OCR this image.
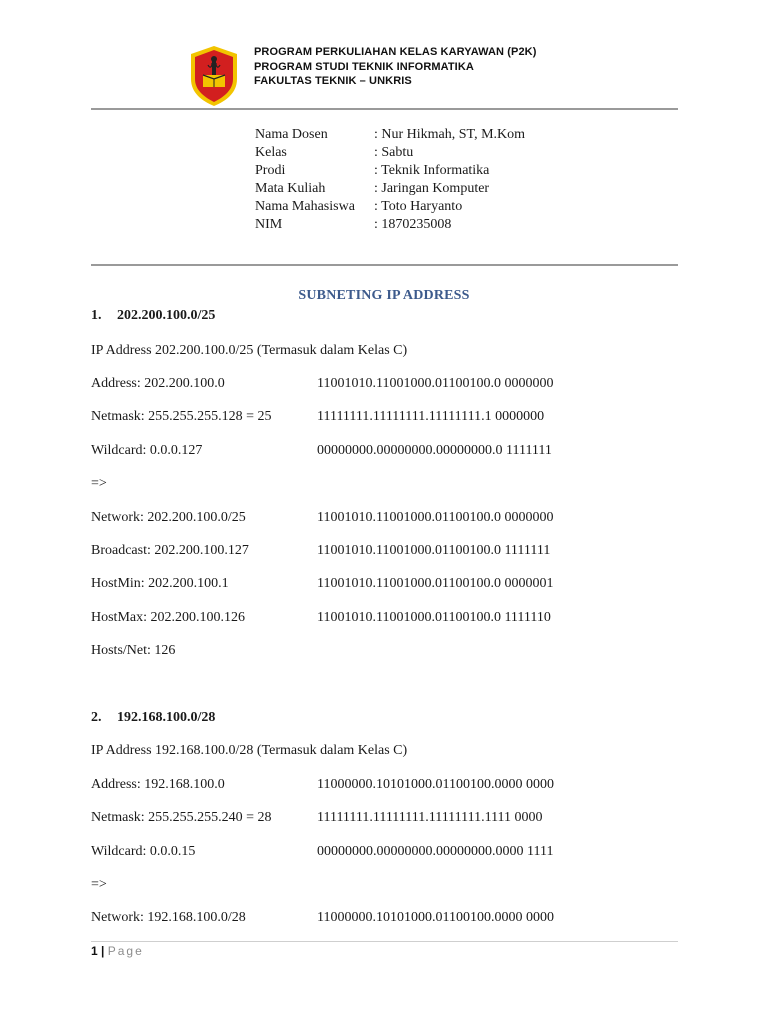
PROGRAM PERKULIAHAN KELAS KARYAWAN (P2K)
PROGRAM STUDI TEKNIK INFORMATIKA
FAKULTAS TEKNIK – UNKRIS
Nama Dosen	: Nur Hikmah, ST, M.Kom
Kelas	: Sabtu
Prodi	: Teknik Informatika
Mata Kuliah	: Jaringan Komputer
Nama Mahasiswa	: Toto Haryanto
NIM	: 1870235008
SUBNETING IP ADDRESS
1. 202.200.100.0/25
IP Address 202.200.100.0/25 (Termasuk dalam Kelas C)
Address: 202.200.100.0	11001010.11001000.01100100.0 0000000
Netmask: 255.255.255.128 = 25	11111111.11111111.11111111.1 0000000
Wildcard: 0.0.0.127	00000000.00000000.00000000.0 1111111
=>
Network: 202.200.100.0/25	11001010.11001000.01100100.0 0000000
Broadcast: 202.200.100.127	11001010.11001000.01100100.0 1111111
HostMin: 202.200.100.1	11001010.11001000.01100100.0 0000001
HostMax: 202.200.100.126	11001010.11001000.01100100.0 1111110
Hosts/Net: 126
2. 192.168.100.0/28
IP Address 192.168.100.0/28 (Termasuk dalam Kelas C)
Address: 192.168.100.0	11000000.10101000.01100100.0000 0000
Netmask: 255.255.255.240 = 28	11111111.11111111.11111111.1111 0000
Wildcard: 0.0.0.15	00000000.00000000.00000000.0000 1111
=>
Network: 192.168.100.0/28	11000000.10101000.01100100.0000 0000
1 | Page
